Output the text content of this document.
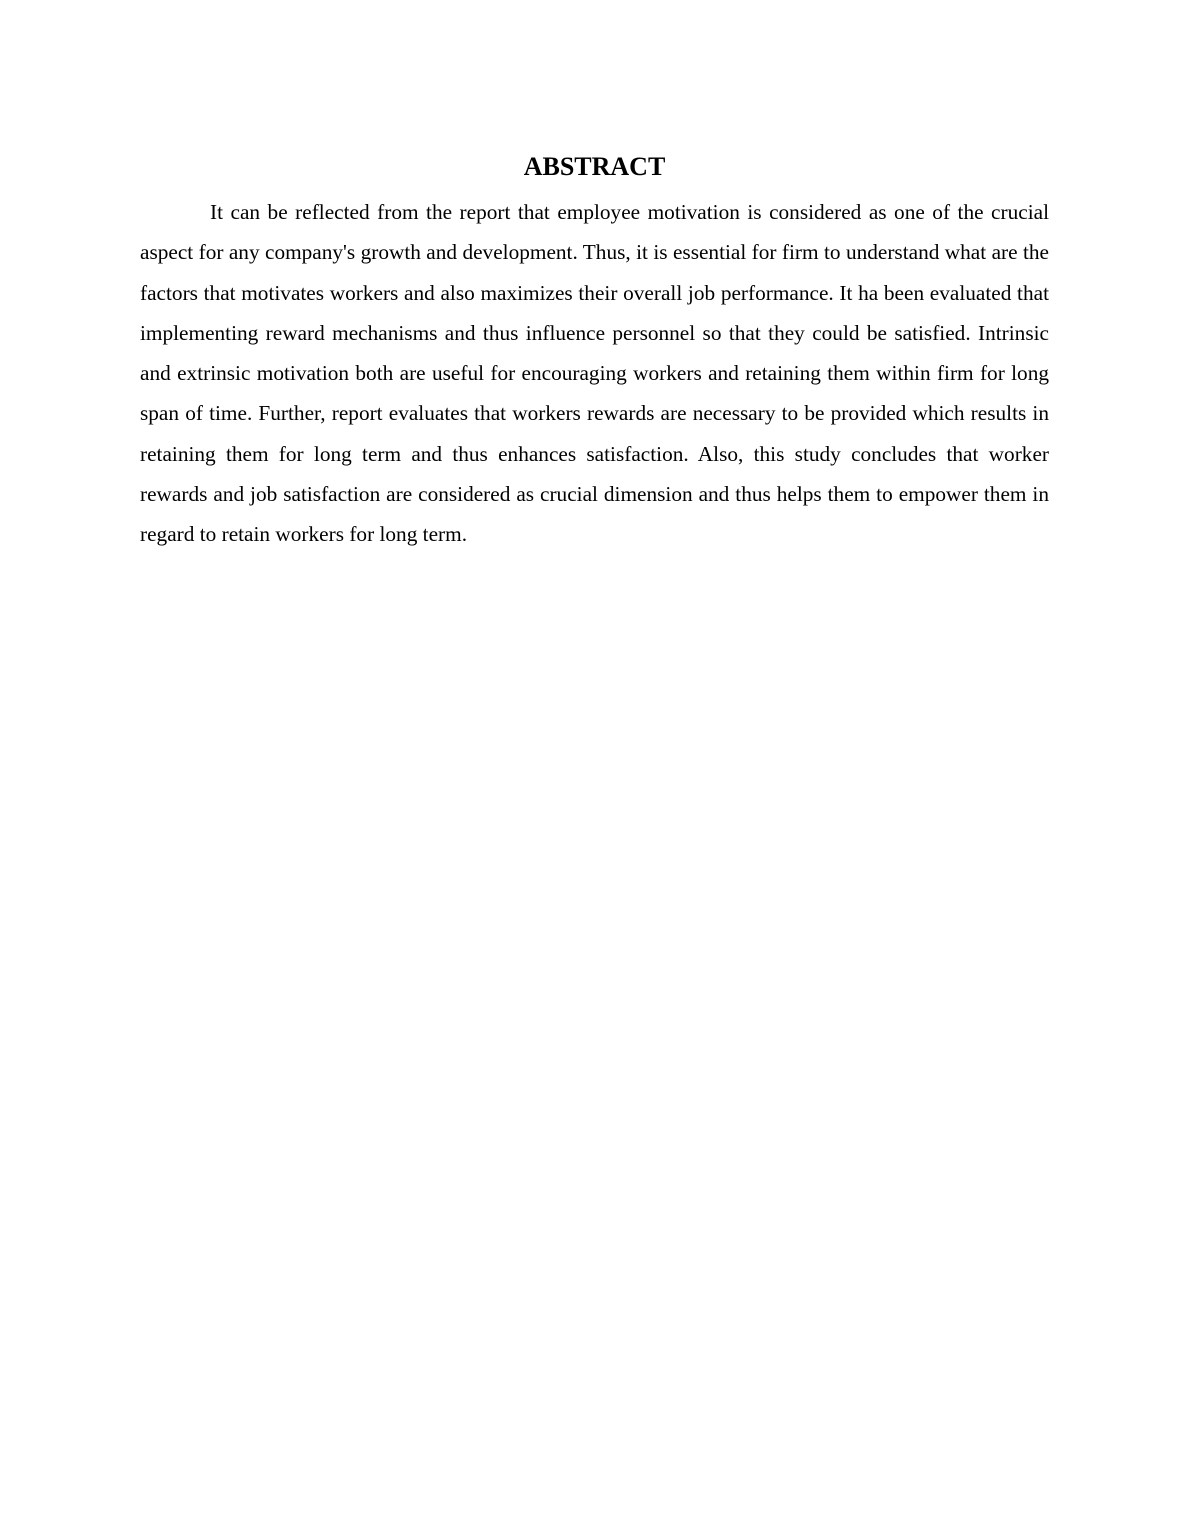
ABSTRACT

It can be reflected from the report that employee motivation is considered as one of the crucial aspect for any company's growth and development. Thus, it is essential for firm to understand what are the factors that motivates workers and also maximizes their overall job performance. It ha been evaluated that implementing reward mechanisms and thus influence personnel so that they could be satisfied. Intrinsic and extrinsic motivation both are useful for encouraging workers and retaining them within firm for long span of time. Further, report evaluates that workers rewards are necessary to be provided which results in retaining them for long term and thus enhances satisfaction. Also, this study concludes that worker rewards and job satisfaction are considered as crucial dimension and thus helps them to empower them in regard to retain workers for long term.
